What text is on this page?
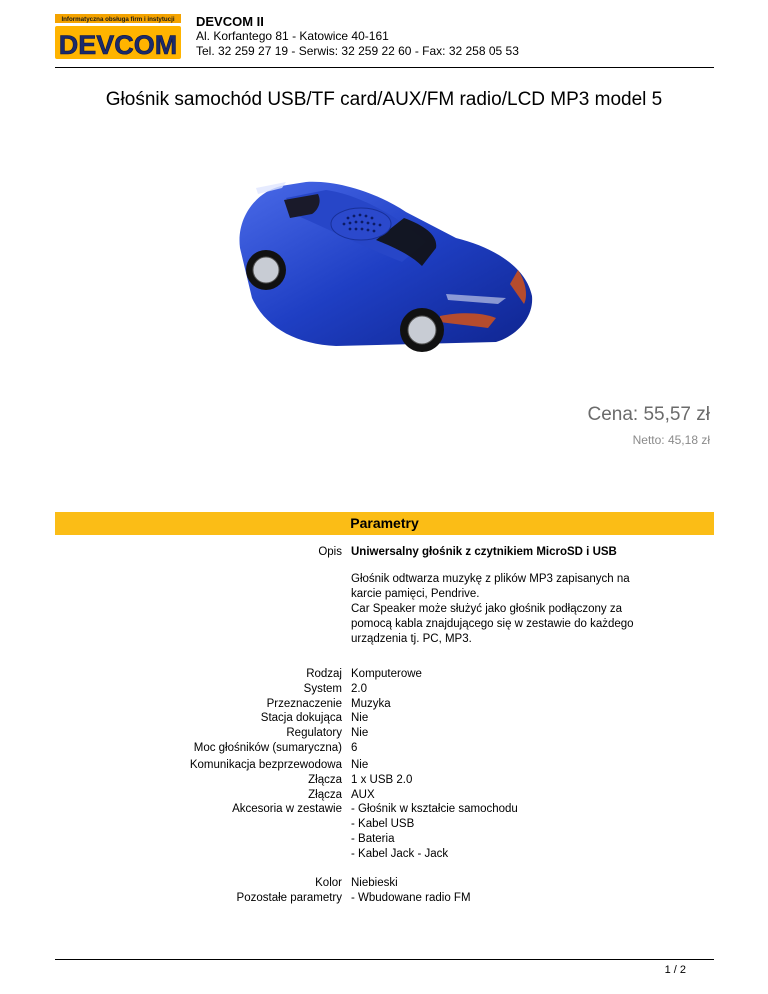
Informatyczna obsługa firm i instytucji
DEVCOM
DEVCOM II
Al. Korfantego 81 - Katowice 40-161
Tel. 32 259 27 19 - Serwis: 32 259 22 60 - Fax: 32 258 05 53
Głośnik samochód USB/TF card/AUX/FM radio/LCD MP3 model 5
Cena: 55,57 zł
Netto: 45,18 zł
Parametry
Opis Uniwersalny głośnik z czytnikiem MicroSD i USB
Głośnik odtwarza muzykę z plików MP3 zapisanych na
karcie pamięci, Pendrive.
Car Speaker może służyć jako głośnik podłączony za
pomocą kabla znajdującego się w zestawie do każdego
urządzenia tj. PC, MP3.
Rodzaj
System
Przeznaczenie
Stacja dokująca
Regulatory
Moc głośników (sumaryczna)
Komputerowe
2.0
Muzyka
Nie
Nie
6
Komunikacja bezprzewodowa
Złącza
Złącza
Akcesoria w zestawie
Nie
1 x USB 2.0
AUX
- Głośnik w kształcie samochodu
- Kabel USB
- Bateria
- Kabel Jack - Jack
Kolor
Pozostałe parametry
Niebieski
- Wbudowane radio FM
1 / 2
